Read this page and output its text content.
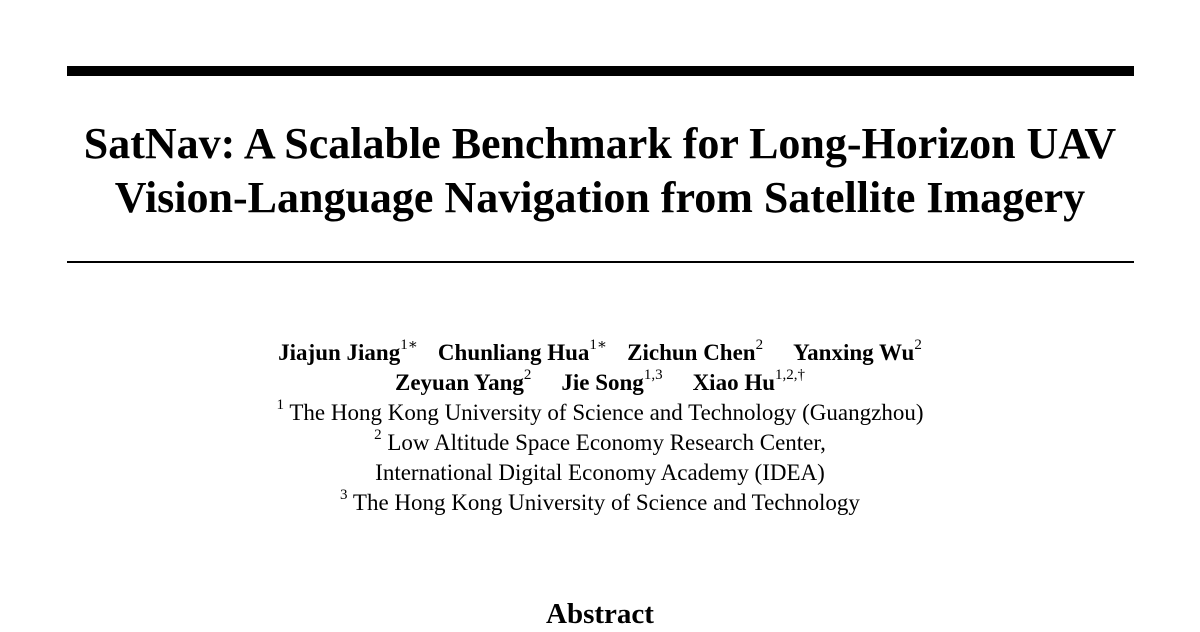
SatNav: A Scalable Benchmark for Long-Horizon UAV
Vision-Language Navigation from Satellite Imagery
Jiajun Jiang$^{1∗}$ Chunliang Hua$^{1∗}$ Zichun Chen$^2$ Yanxing Wu$^2$
Zeyuan Yang$^2$ Jie Song$^{1,3}$ Xiao $Hu^{1,2,\dagger}$
$^1$ The Hong Kong University of Science and Technology (Guangzhou)
$^2$ Low Altitude Space Economy Research Center,
International Digital Economy Academy (IDEA)
$^3$ The Hong Kong University of Science and Technology
Abstract
